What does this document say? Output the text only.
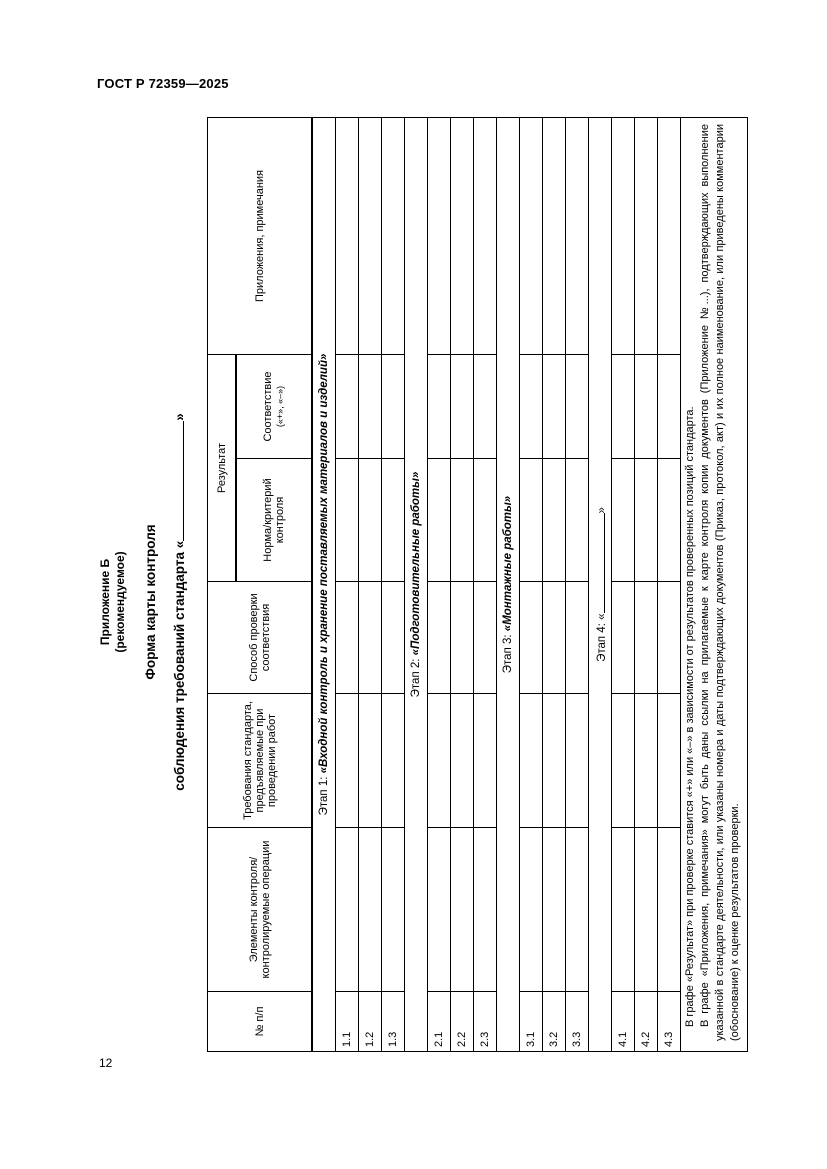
ГОСТ Р 72359—2025
12
Приложение Б (рекомендуемое) Форма карты контроля соблюдения требований стандарта «»
№ п/п	Элементы контроля/ контролируемые операции	Требования стандарта, предъявляемые при проведении работ	Способ проверки соответствия	Результат		Приложения, примечания
				Норма/критерий контроля	Соответствие
(«+», «–»)	
Этап 1: «Входной контроль и хранение поставляемых материалов и изделий»						
1.1						
1.2						
1.3						
Этап 2: «Подготовительные работы»						
2.1						
2.2						
2.3						
Этап 3: «Монтажные работы»						
3.1						
3.2						
3.3						
Этап 4: «»						
4.1						
4.2						
4.3						

В графе «Результат» при проверке ставится «+» или «–» в зависимости от результатов проверенных позиций стандарта. В графе «Приложения, примечания» могут быть даны ссылки на прилагаемые к карте контроля копии документов (Приложение №...), подтверждающих выполнение указанной в стандарте деятельности, или указаны номера и даты подтверждающих документов (Приказ, протокол, акт) и их полное наименование, или приведены комментарии (обоснование) к оценке результатов проверки.						
